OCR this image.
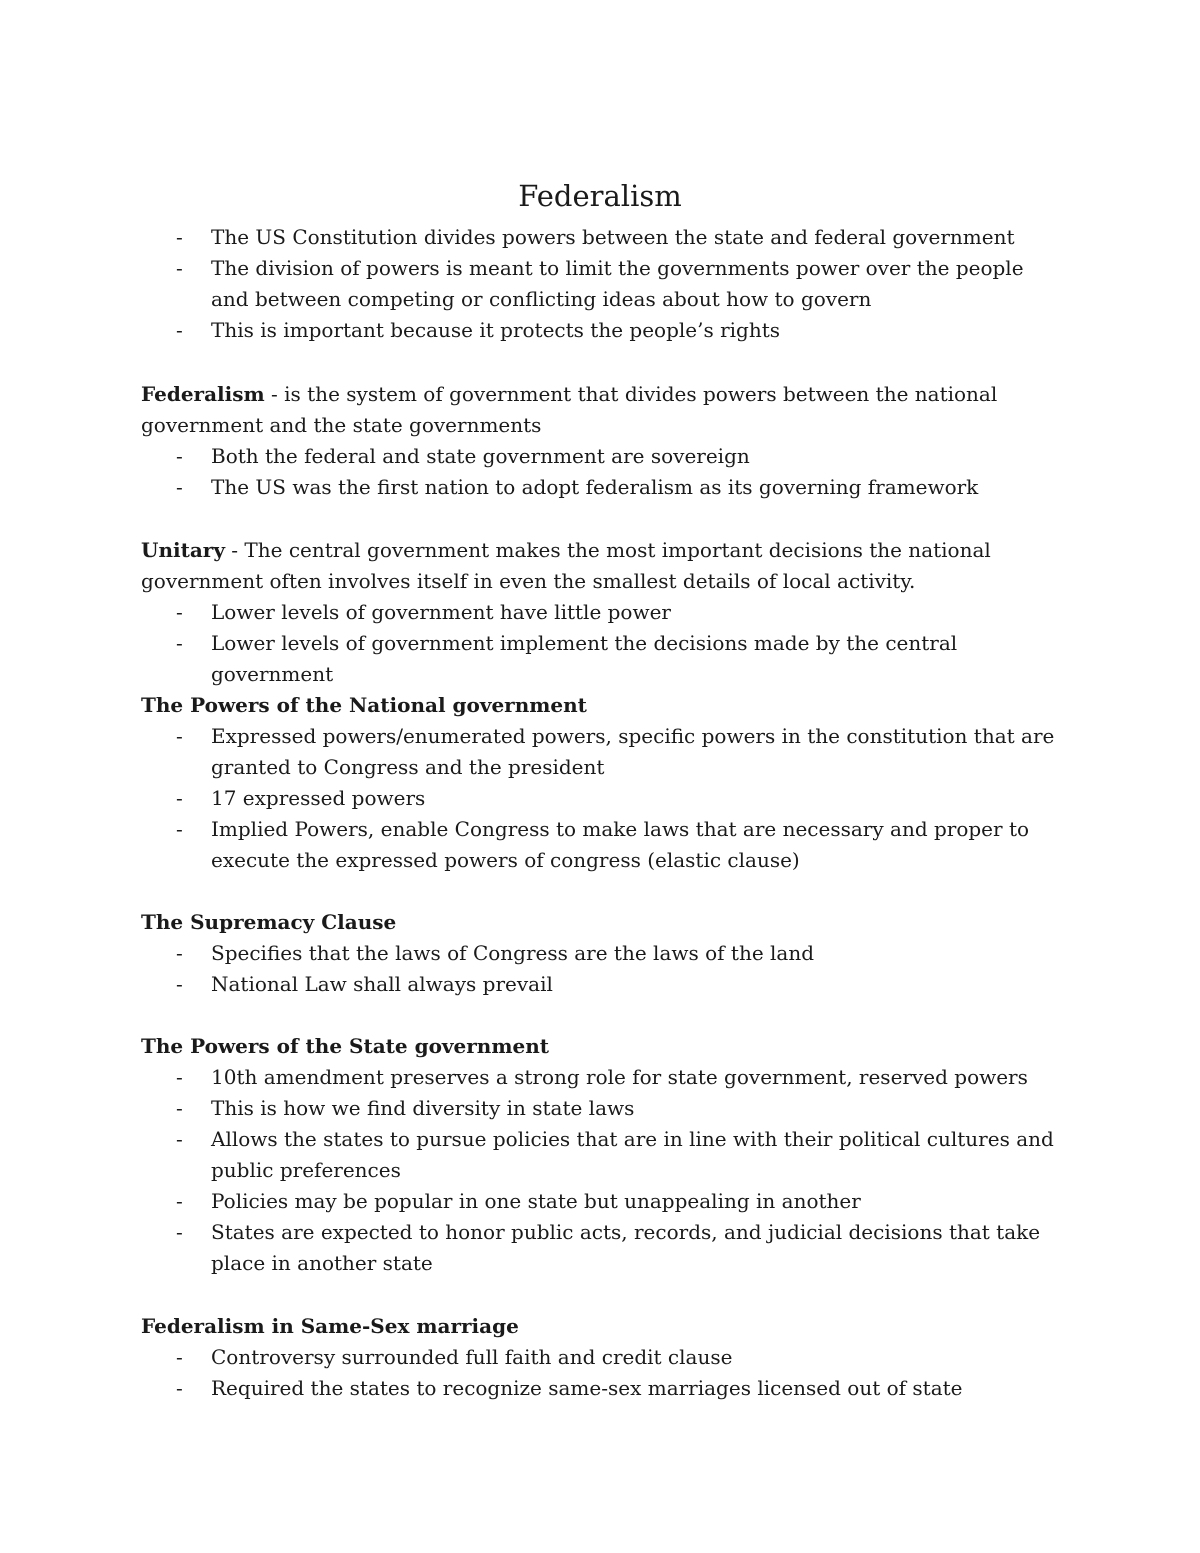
Federalism
- The US Constitution divides powers between the state and federal government
- The division of powers is meant to limit the governments power over the people and between competing or conflicting ideas about how to govern
- This is important because it protects the people’s rights

Federalism - is the system of government that divides powers between the national government and the state governments

- Both the federal and state government are sovereign
- The US was the first nation to adopt federalism as its governing framework

Unitary - The central government makes the most important decisions the national government often involves itself in even the smallest details of local activity.

- Lower levels of government have little power
- Lower levels of government implement the decisions made by the central government

The Powers of the National government

- Expressed powers/enumerated powers, specific powers in the constitution that are granted to Congress and the president
- 17 expressed powers
- Implied Powers, enable Congress to make laws that are necessary and proper to execute the expressed powers of congress (elastic clause)

The Supremacy Clause

- Specifies that the laws of Congress are the laws of the land
- National Law shall always prevail

The Powers of the State government

- 10th amendment preserves a strong role for state government, reserved powers
- This is how we find diversity in state laws
- Allows the states to pursue policies that are in line with their political cultures and public preferences
- Policies may be popular in one state but unappealing in another
- States are expected to honor public acts, records, and judicial decisions that take place in another state

Federalism in Same-Sex marriage

- Controversy surrounded full faith and credit clause
- Required the states to recognize same-sex marriages licensed out of state
